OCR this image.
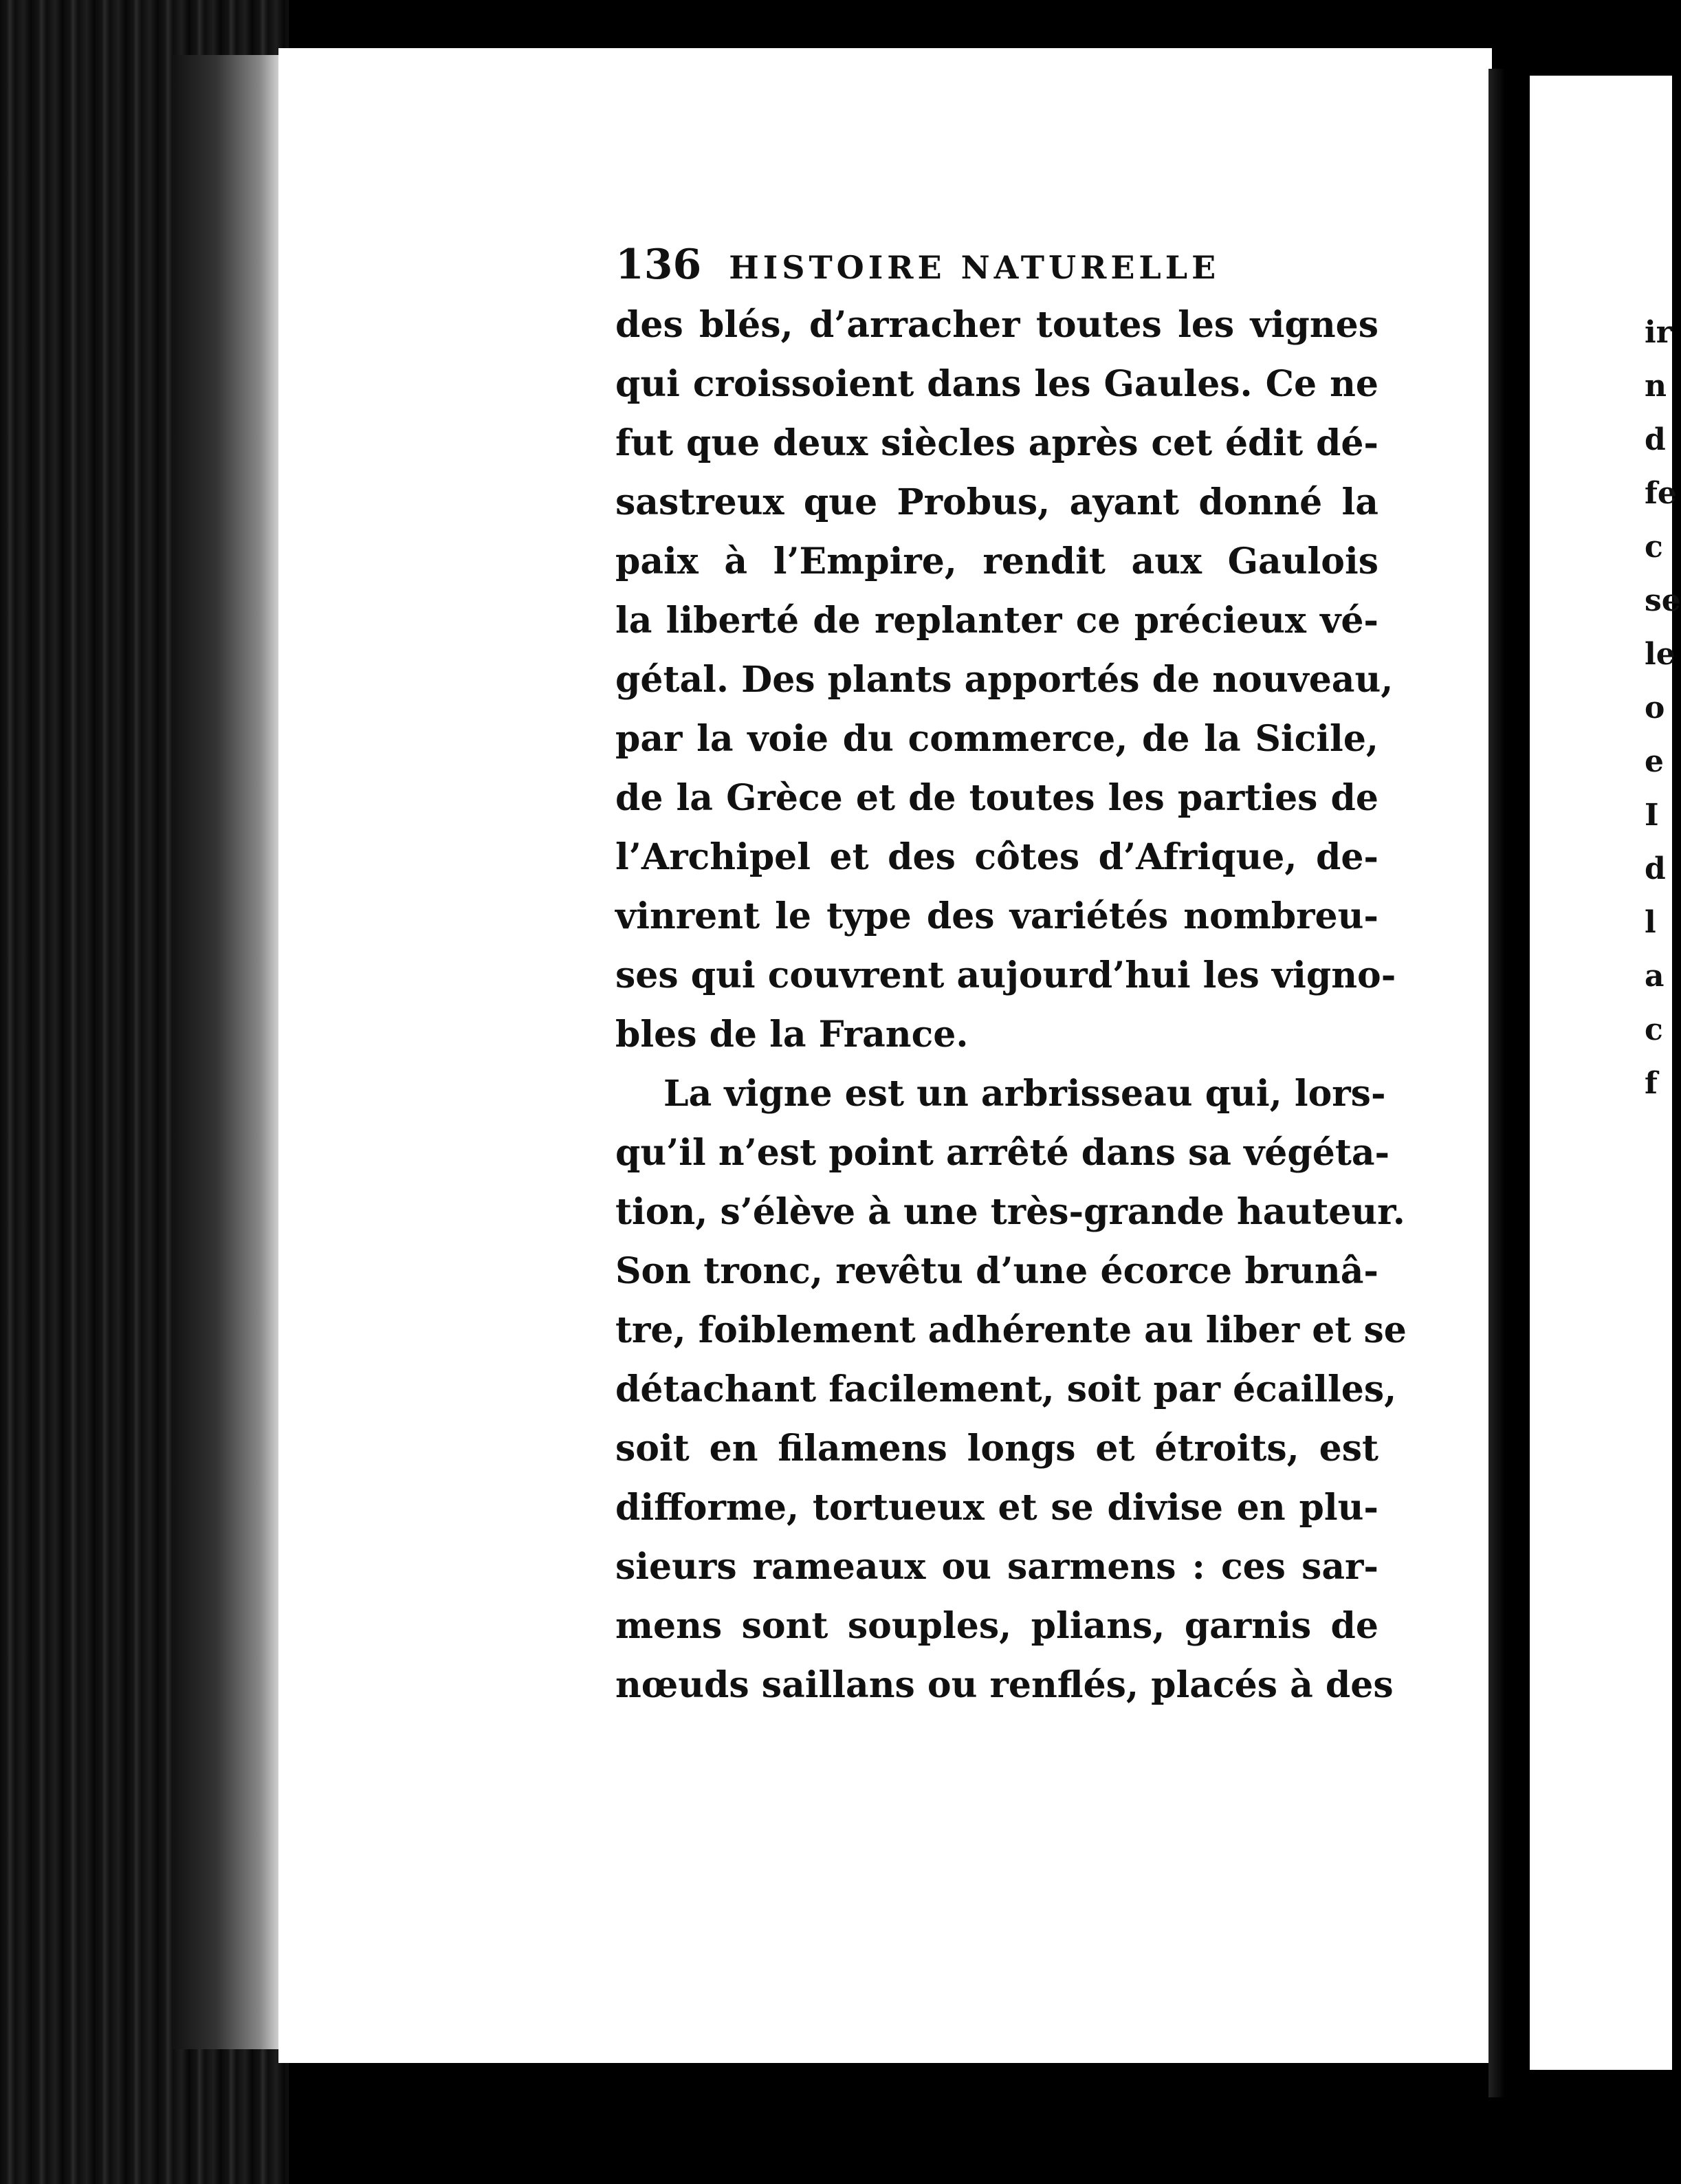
ir
n
d
fe
c
se
le
o
e
I
d
l
a
c
f
136 HISTOIRE NATURELLE
des blés, d’arracher toutes les vignes
qui croissoient dans les Gaules. Ce ne
fut que deux siècles après cet édit dé-
sastreux que Probus, ayant donné la
paix à l’Empire, rendit aux Gaulois
la liberté de replanter ce précieux vé-
gétal. Des plants apportés de nouveau,
par la voie du commerce, de la Sicile,
de la Grèce et de toutes les parties de
l’Archipel et des côtes d’Afrique, de-
vinrent le type des variétés nombreu-
ses qui couvrent aujourd’hui les vigno-
bles de la France.
La vigne est un arbrisseau qui, lors-
qu’il n’est point arrêté dans sa végéta-
tion, s’élève à une très-grande hauteur.
Son tronc, revêtu d’une écorce brunâ-
tre, foiblement adhérente au liber et se
détachant facilement, soit par écailles,
soit en filamens longs et étroits, est
difforme, tortueux et se divise en plu-
sieurs rameaux ou sarmens : ces sar-
mens sont souples, plians, garnis de
nœuds saillans ou renflés, placés à des
